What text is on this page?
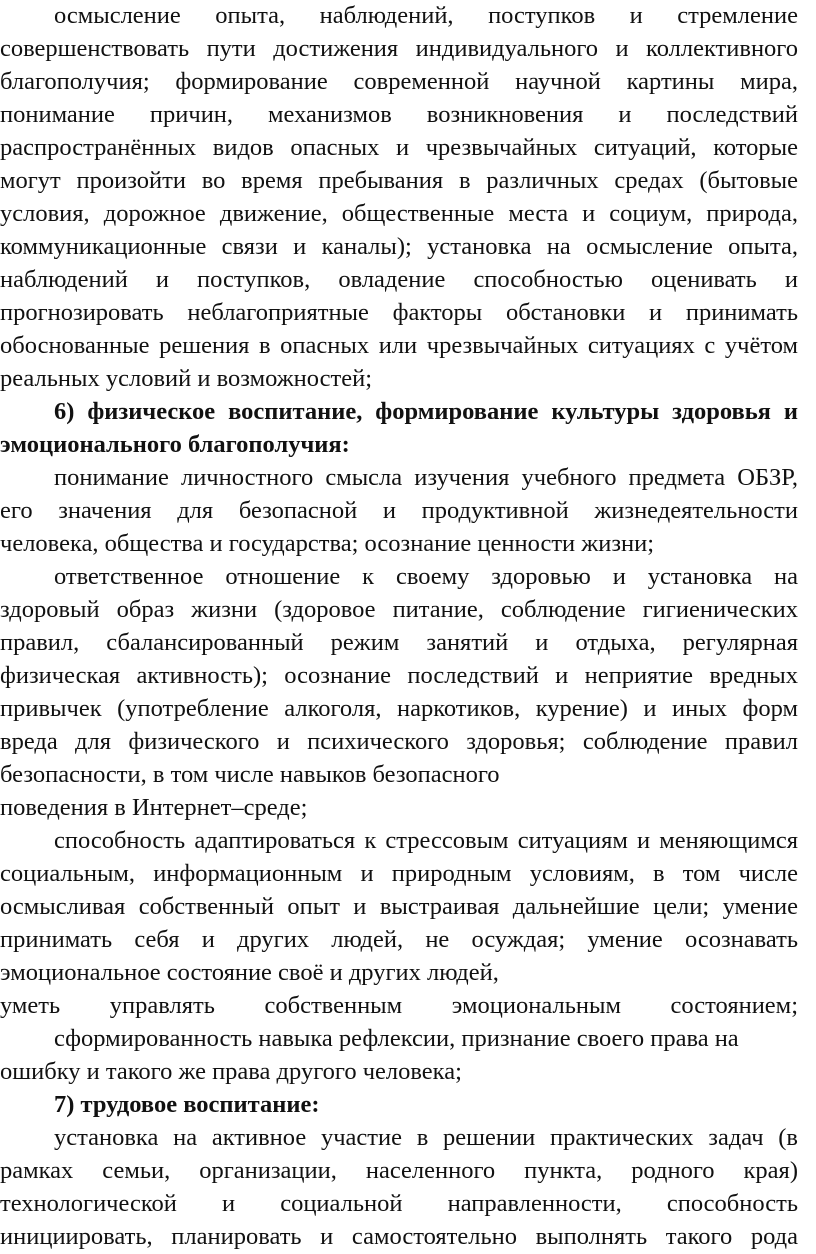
осмысление опыта, наблюдений, поступков и стремление
совершенствовать пути достижения индивидуального и коллективного
благополучия; формирование современной научной картины мира,
понимание причин, механизмов возникновения и последствий
распространённых видов опасных и чрезвычайных ситуаций, которые
могут произойти во время пребывания в различных средах (бытовые
условия, дорожное движение, общественные места и социум, природа,
коммуникационные связи и каналы); установка на осмысление опыта,
наблюдений и поступков, овладение способностью оценивать и
прогнозировать неблагоприятные факторы обстановки и принимать
обоснованные решения в опасных или чрезвычайных ситуациях с учётом
реальных условий и возможностей;
6) физическое воспитание, формирование культуры здоровья и
эмоционального благополучия:
понимание личностного смысла изучения учебного предмета ОБЗР,
его значения для безопасной и продуктивной жизнедеятельности
человека, общества и государства; осознание ценности жизни;
ответственное отношение к своему здоровью и установка на
здоровый образ жизни (здоровое питание, соблюдение гигиенических
правил, сбалансированный режим занятий и отдыха, регулярная
физическая активность); осознание последствий и неприятие вредных
привычек (употребление алкоголя, наркотиков, курение) и иных форм
вреда для физического и психического здоровья; соблюдение правил
безопасности, в том числе навыков безопасного
поведения в Интернет–среде;
способность адаптироваться к стрессовым ситуациям и меняющимся
социальным, информационным и природным условиям, в том числе
осмысливая собственный опыт и выстраивая дальнейшие цели; умение
принимать себя и других людей, не осуждая; умение осознавать
эмоциональное состояние своё и других людей,
уметь управлять собственным эмоциональным состоянием;
сформированность навыка рефлексии, признание своего права на
ошибку и такого же права другого человека;
7) трудовое воспитание:
установка на активное участие в решении практических задач (в
рамках семьи, организации, населенного пункта, родного края)
технологической и социальной направленности, способность
инициировать, планировать и самостоятельно выполнять такого рода
